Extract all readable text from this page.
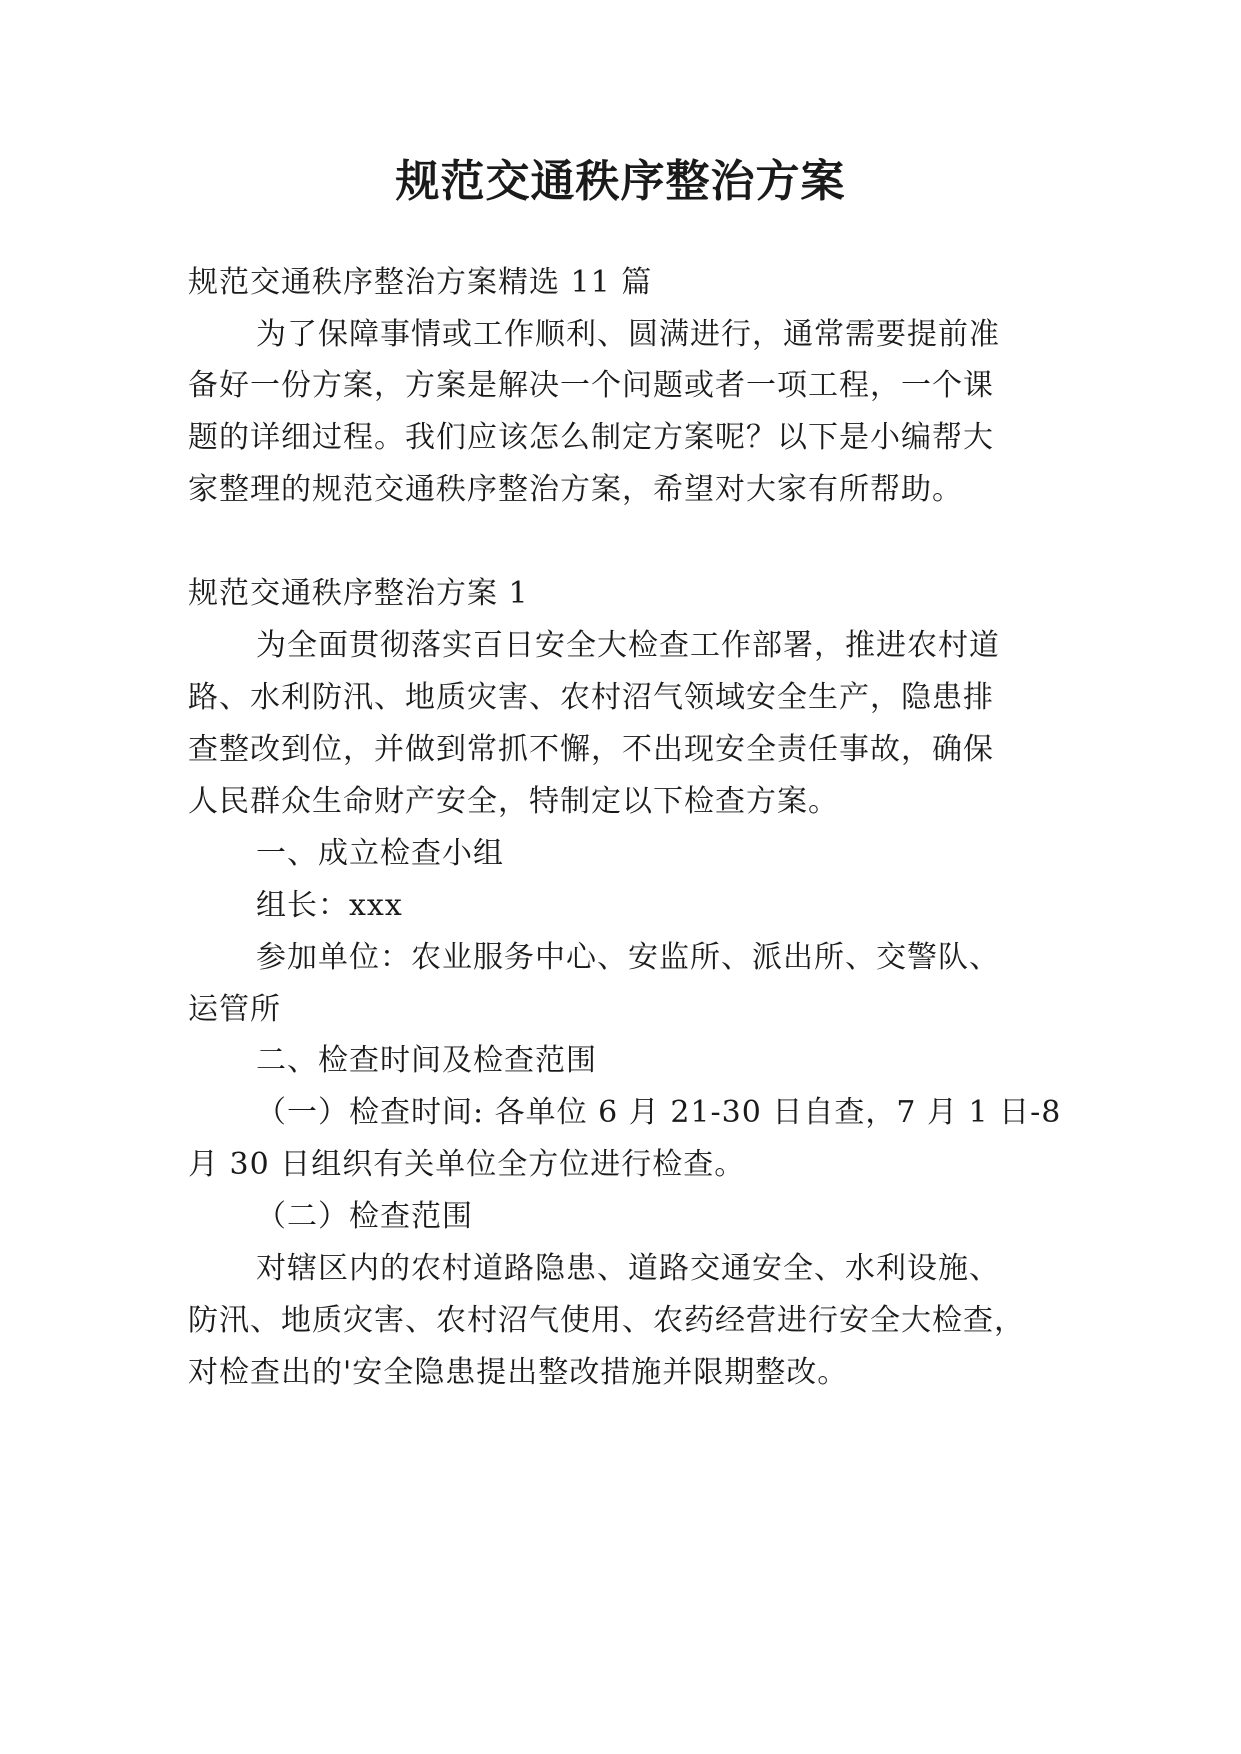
规范交通秩序整治方案

规范交通秩序整治方案精选 11 篇

为了保障事情或工作顺利、圆满进行，通常需要提前准

备好一份方案，方案是解决一个问题或者一项工程，一个课

题的详细过程。我们应该怎么制定方案呢？以下是小编帮大

家整理的规范交通秩序整治方案，希望对大家有所帮助。

规范交通秩序整治方案 1

为全面贯彻落实百日安全大检查工作部署，推进农村道

路、水利防汛、地质灾害、农村沼气领域安全生产，隐患排

查整改到位，并做到常抓不懈，不出现安全责任事故，确保

人民群众生命财产安全，特制定以下检查方案。

一、成立检查小组

组长：xxx

参加单位：农业服务中心、安监所、派出所、交警队、

运管所

二、检查时间及检查范围

（一）检查时间: 各单位 6 月 21-30 日自查，7 月 1 日-8

月 30 日组织有关单位全方位进行检查。

（二）检查范围

对辖区内的农村道路隐患、道路交通安全、水利设施、

防汛、地质灾害、农村沼气使用、农药经营进行安全大检查，

对检查出的'安全隐患提出整改措施并限期整改。
